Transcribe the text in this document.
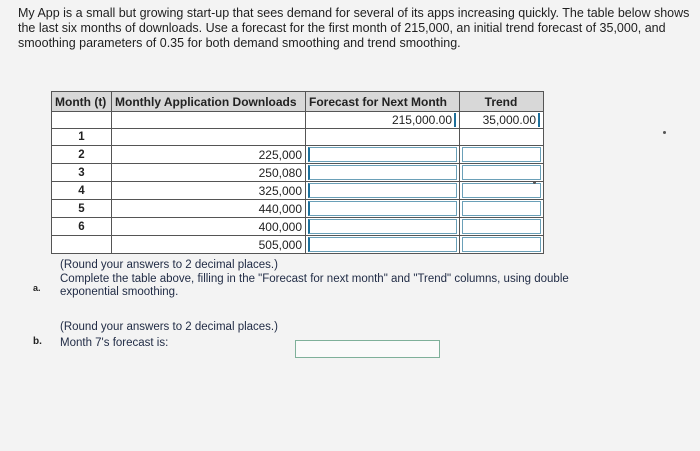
My App is a small but growing start-up that sees demand for several of its apps increasing quickly. The table below shows the last six months of downloads. Use a forecast for the first month of 215,000, an initial trend forecast of 35,000, and smoothing parameters of 0.35 for both demand smoothing and trend smoothing.
Month (t)	Monthly Application Downloads	Forecast for Next Month	Trend
		215,000.00	35,000.00
1			
2	225,000	

3	250,080	

4	325,000	

5	440,000	

6	400,000	

	505,000	

(Round your answers to 2 decimal places.)
a.
Complete the table above, filling in the "Forecast for next month" and "Trend" columns, using double exponential smoothing.
(Round your answers to 2 decimal places.)
b. Month 7's forecast is:
